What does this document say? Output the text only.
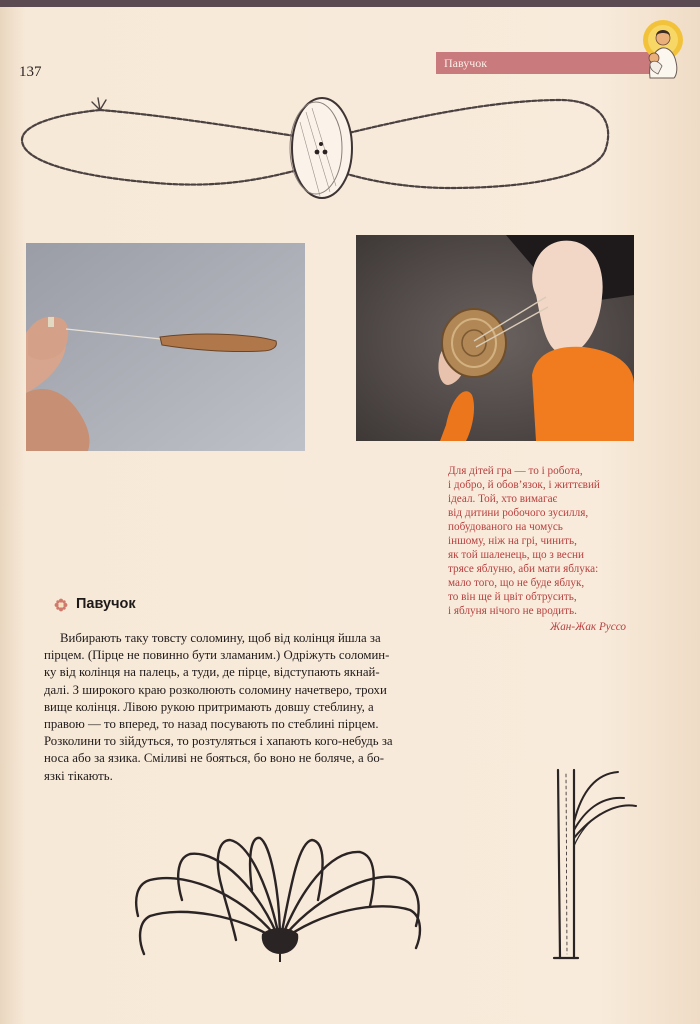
137
Павучок
Для дітей гра — то і робота,
і добро, й обов’язок, і життєвий
ідеал. Той, хто вимагає
від дитини робочого зусилля,
побудованого на чомусь
іншому, ніж на грі, чинить,
як той шаленець, що з весни
трясе яблуню, аби мати яблука:
мало того, що не буде яблук,
то він ще й цвіт обтрусить,
і яблуня нічого не вродить.
Жан-Жак Руссо
Павучок
Вибирають таку товсту соломину, щоб від колінця йшла за
пірцем. (Пірце не повинно бути зламаним.) Одріжуть соломин-
ку від колінця на палець, а туди, де пірце, відступають якнай-
далі. З широкого краю розколюють соломину начетверо, трохи
вище колінця. Лівою рукою притримають довшу стеблину, а
правою — то вперед, то назад посувають по стеблині пірцем.
Розколини то зійдуться, то розтуляться і хапають кого-небудь за
носа або за язика. Сміливі не бояться, бо воно не боляче, а бо-
язкі тікають.
